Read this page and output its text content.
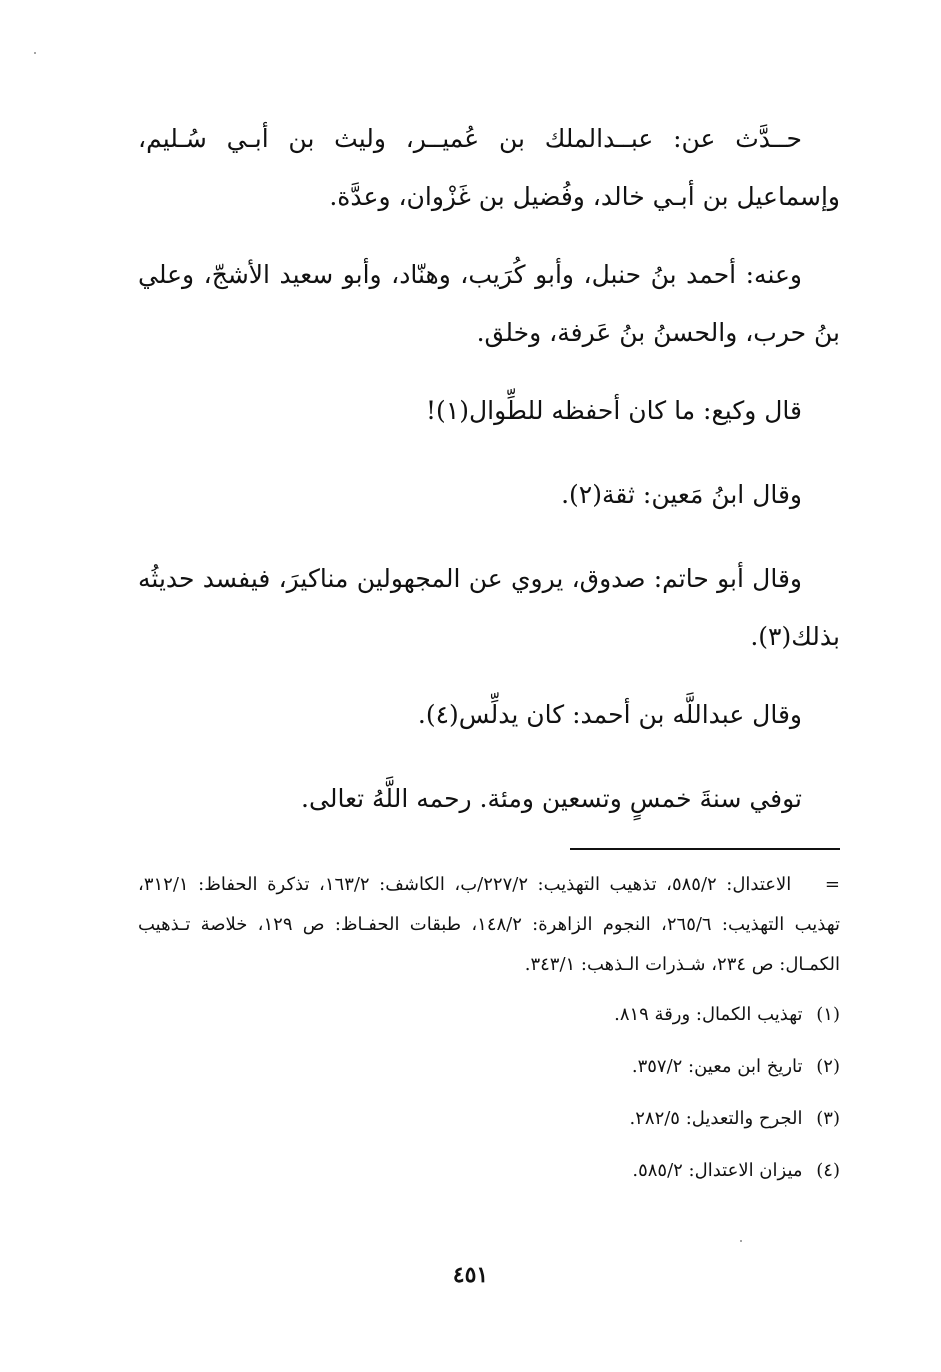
حــدَّث عن: عبــدالملك بن عُميــر، وليث بن أبـي سُـليم، وإسماعيل بن أبـي خالد، وفُضيل بن غَزْوان، وعدَّة.

وعنه: أحمد بنُ حنبل، وأبو كُرَيب، وهنّاد، وأبو سعيد الأشجّ، وعلي بنُ حرب، والحسنُ بنُ عَرفة، وخلق.

قال وكيع: ما كان أحفظه للطِّوال(١)!

وقال ابنُ مَعين: ثقة(٢).

وقال أبو حاتم: صدوق، يروي عن المجهولين مناكيرَ، فيفسد حديثُه بذلك(٣).

وقال عبداللَّه بن أحمد: كان يدلِّس(٤).

توفي سنةَ خمسٍ وتسعين ومئة. رحمه اللَّهُ تعالى.

= الاعتدال: ٥٨٥/٢، تذهيب التهذيب: ٢٢٧/٢/ب، الكاشف: ١٦٣/٢، تذكرة الحفاظ: ٣١٢/١، تهذيب التهذيب: ٢٦٥/٦، النجوم الزاهرة: ١٤٨/٢، طبقات الحفـاظ: ص ١٢٩، خلاصة تـذهيب الكمـال: ص ٢٣٤، شـذرات الـذهب: ٣٤٣/١.

(١) تهذيب الكمال: ورقة ٨١٩.

(٢) تاريخ ابن معين: ٣٥٧/٢.

(٣) الجرح والتعديل: ٢٨٢/٥.

(٤) ميزان الاعتدال: ٥٨٥/٢.

٤٥١
